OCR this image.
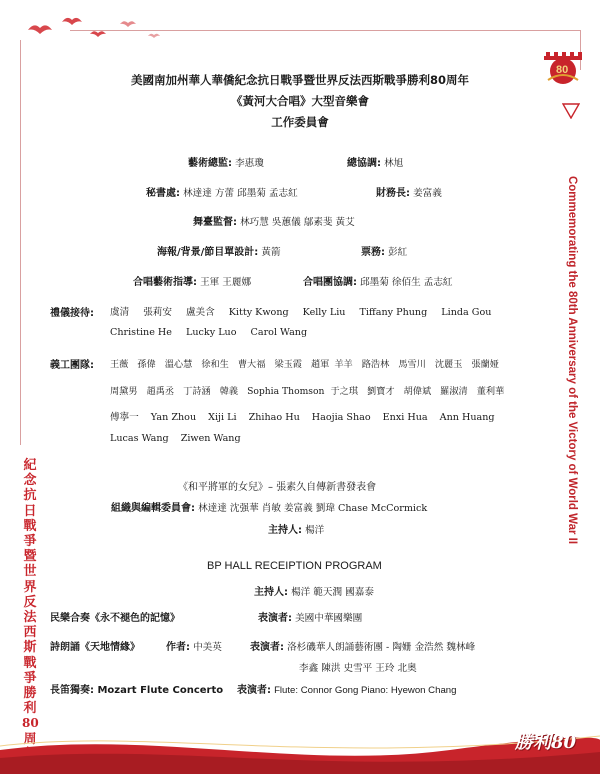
80
美國南加州華人華僑紀念抗日戰爭暨世界反法西斯戰爭勝利80周年
《黃河大合唱》大型音樂會
工作委員會
藝術總監: 李惠瓊	總協調: 林旭
秘書處: 林達達 方蕾 邱墨菊 孟志紅	財務長: 姜富義
舞臺監督: 林巧慧 吳蕙儀 鄔素斐 黃艾
海報/背景/節目單設計: 黃箭	票務: 彭紅
合唱藝術指導: 王軍 王麗娜	合唱團協調: 邱墨菊 徐佰生 孟志紅
禮儀接待: 虞清 張莉安 盧美含 Kitty Kwong Kelly Liu Tiffany Phung Linda Gou
Christine He Lucky Luo Carol Wang
義工團隊: 王薇 孫偉 溫心慧 徐和生 曹大福 梁玉霞 趙軍 羊羊 路浩林 馬雪川 沈麗玉 張蘭娅
周黛男 趙禹丞 丁詩涵 韓義 Sophia Thomson 于之琪 劉寶才 胡偉斌 羅淑清 董利華
傅寧一 Yan Zhou Xiji Li Zhihao Hu Haojia Shao Enxi Hua Ann Huang
Lucas Wang Ziwen Wang
《和平將軍的女兒》– 張素久自傳新書發表會
組織與編輯委員會: 林達達 沈强華 肖敏 姜富義 劉瑋 Chase McCormick
主持人: 楊洋
BP HALL RECEIPTION PROGRAM
主持人: 楊洋 範天潤 國嘉泰
民樂合奏《永不褪色的記憶》	表演者: 美國中華國樂團
詩朗誦《天地情緣》	作者: 中美英	表演者: 洛杉磯華人朗誦藝術團 - 陶姗 金浩然 魏林峰
李鑫 陳洪 史雪平 王玲 北奥
長笛獨奏: Mozart Flute Concerto 表演者: Flute: Connor Gong Piano: Hyewon Chang
Commemorating the 80th Anniversary of the Victory of World War II
紀
念
抗
日
戰
爭
暨
世
界
反
法
西
斯
戰
爭
勝
利
80
周	勝利80
